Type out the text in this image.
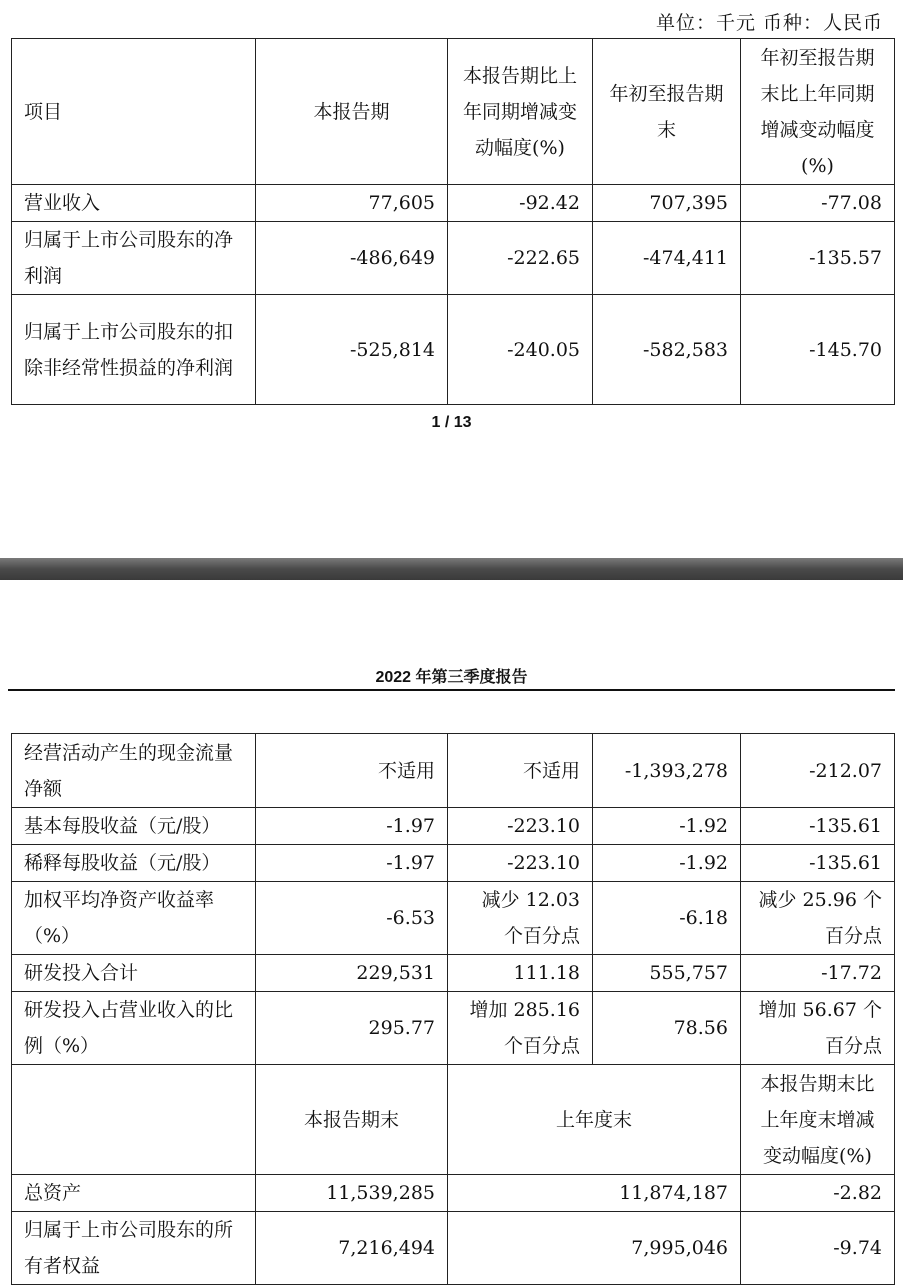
单位：千元 币种：人民币
项目	本报告期	本报告期比上年同期增减变动幅度(%)	年初至报告期末	年初至报告期末比上年同期增减变动幅度(%)
营业收入	77,605	-92.42	707,395	-77.08
归属于上市公司股东的净利润	-486,649	-222.65	-474,411	-135.57
归属于上市公司股东的扣除非经常性损益的净利润	-525,814	-240.05	-582,583	-145.70
1 / 13
2022 年第三季度报告
经营活动产生的现金流量净额	不适用	不适用	-1,393,278	-212.07
基本每股收益（元/股）	-1.97	-223.10	-1.92	-135.61
稀释每股收益（元/股）	-1.97	-223.10	-1.92	-135.61
加权平均净资产收益率（%）	-6.53	减少 12.03 个百分点	-6.18	减少 25.96 个百分点
研发投入合计	229,531	111.18	555,757	-17.72
研发投入占营业收入的比例（%）	295.77	增加 285.16 个百分点	78.56	增加 56.67 个百分点
	本报告期末	上年度末		本报告期末比上年度末增减变动幅度(%)
总资产	11,539,285	11,874,187		-2.82
归属于上市公司股东的所有者权益	7,216,494	7,995,046		-9.74
